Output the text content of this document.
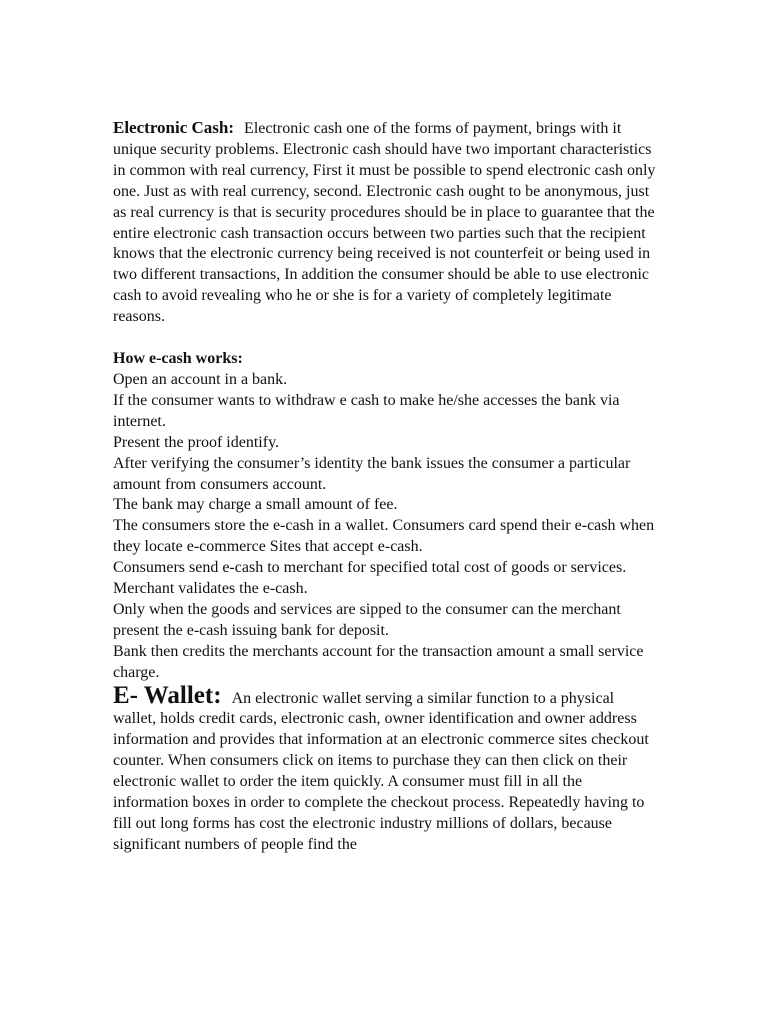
Electronic Cash: Electronic cash one of the forms of payment, brings with it unique security problems. Electronic cash should have two important characteristics in common with real currency, First it must be possible to spend electronic cash only one. Just as with real currency, second. Electronic cash ought to be anonymous, just as real currency is that is security procedures should be in place to guarantee that the entire electronic cash transaction occurs between two parties such that the recipient knows that the electronic currency being received is not counterfeit or being used in two different transactions, In addition the consumer should be able to use electronic cash to avoid revealing who he or she is for a variety of completely legitimate reasons.

How e-cash works:

Open an account in a bank.
If the consumer wants to withdraw e cash to make he/she accesses the bank via internet.
Present the proof identify.
After verifying the consumer’s identity the bank issues the consumer a particular amount from consumers account.
The bank may charge a small amount of fee.
The consumers store the e-cash in a wallet. Consumers card spend their e-cash when they locate e-commerce Sites that accept e-cash.
Consumers send e-cash to merchant for specified total cost of goods or services.
Merchant validates the e-cash.
Only when the goods and services are sipped to the consumer can the merchant present the e-cash issuing bank for deposit.
Bank then credits the merchants account for the transaction amount a small service charge.

E- Wallet: An electronic wallet serving a similar function to a physical wallet, holds credit cards, electronic cash, owner identification and owner address information and provides that information at an electronic commerce sites checkout counter. When consumers click on items to purchase they can then click on their electronic wallet to order the item quickly. A consumer must fill in all the information boxes in order to complete the checkout process. Repeatedly having to fill out long forms has cost the electronic industry millions of dollars, because significant numbers of people find the
